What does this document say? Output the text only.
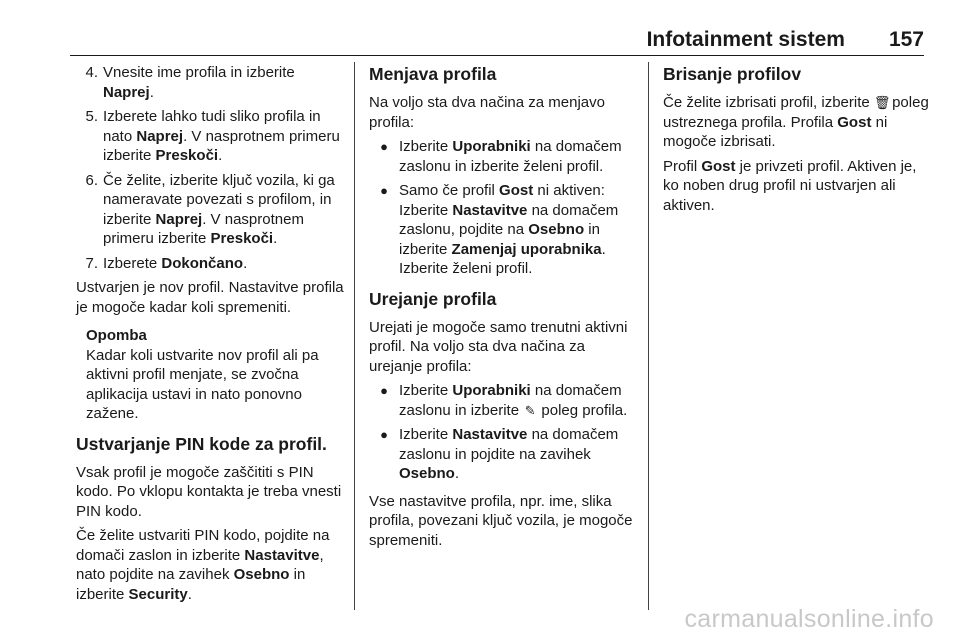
Infotainment sistem 157
4. Vnesite ime profila in izberite Naprej.
5. Izberete lahko tudi sliko profila in nato Naprej. V nasprotnem primeru izberite Preskoči.
6. Če želite, izberite ključ vozila, ki ga nameravate povezati s profilom, in izberite Naprej. V nasprotnem primeru izberite Preskoči.
7. Izberete Dokončano.

Ustvarjen je nov profil. Nastavitve profila je mogoče kadar koli spremeniti.

Opomba
Kadar koli ustvarite nov profil ali pa aktivni profil menjate, se zvočna aplikacija ustavi in nato ponovno zažene.
Ustvarjanje PIN kode za profil.

Vsak profil je mogoče zaščititi s PIN kodo. Po vklopu kontakta je treba vnesti PIN kodo.

Če želite ustvariti PIN kodo, pojdite na domači zaslon in izberite Nastavitve, nato pojdite na zavihek Osebno in izberite Security.

Menjava profila

Na voljo sta dva načina za menjavo profila:

● Izberite Uporabniki na domačem zaslonu in izberite želeni profil.
● Samo če profil Gost ni aktiven: Izberite Nastavitve na domačem zaslonu, pojdite na Osebno in izberite Zamenjaj uporabnika. Izberite želeni profil.
Urejanje profila

Urejati je mogoče samo trenutni aktivni profil. Na voljo sta dva načina za urejanje profila:

● Izberite Uporabniki na domačem zaslonu in izberite ✎ poleg profila.
● Izberite Nastavitve na domačem zaslonu in pojdite na zavihek Osebno.

Vse nastavitve profila, npr. ime, slika profila, povezani ključ vozila, je mogoče spremeniti.

Brisanje profilov

Če želite izbrisati profil, izberite 🗑 poleg ustreznega profila. Profila Gost ni mogoče izbrisati.

Profil Gost je privzeti profil. Aktiven je, ko noben drug profil ni ustvarjen ali aktiven.

carmanualsonline.info
